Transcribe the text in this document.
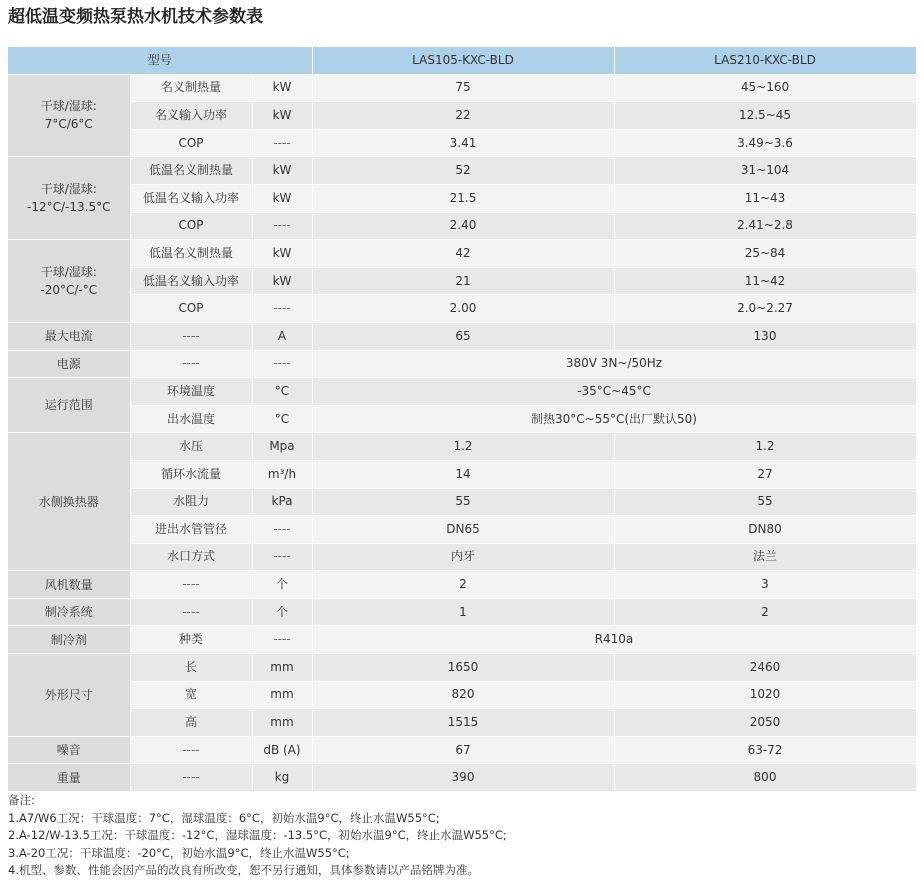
超低温变频热泵热水机技术参数表
型号			LAS105-KXC-BLD	LAS210-KXC-BLD
干球/湿球:
7°C/6°C	名义制热量	kW	75	45~160
	名义输入功率	kW	22	12.5~45
	COP	----	3.41	3.49~3.6
干球/湿球:
-12°C/-13.5°C	低温名义制热量	kW	52	31~104
	低温名义输入功率	kW	21.5	11~43
	COP	----	2.40	2.41~2.8
干球/湿球:
-20°C/-°C	低温名义制热量	kW	42	25~84
	低温名义输入功率	kW	21	11~42
	COP	----	2.00	2.0~2.27
最大电流	----	A	65	130
电源	----	----	380V 3N~/50Hz	
运行范围	环境温度	°C	-35°C~45°C	
	出水温度	°C	制热30°C~55°C(出厂默认50)	
水侧换热器	水压	Mpa	1.2	1.2
	循环水流量	m³/h	14	27
	水阻力	kPa	55	55
	进出水管管径	----	DN65	DN80
	水口方式	----	内牙	法兰
风机数量	----	个	2	3
制冷系统	----	个	1	2
制冷剂	种类	----	R410a	
外形尺寸	长	mm	1650	2460
	宽	mm	820	1020
	高	mm	1515	2050
噪音	----	dB (A)	67	63-72
重量	----	kg	390	800
备注:
1.A7/W6工况：干球温度：7°C，湿球温度：6°C，初始水温9°C，终止水温W55°C;
2.A-12/W-13.5工况：干球温度：-12°C，湿球温度：-13.5°C，初始水温9°C，终止水温W55°C;
3.A-20工况：干球温度：-20°C，初始水温9°C，终止水温W55°C;
4.机型、参数、性能会因产品的改良有所改变，恕不另行通知，具体参数请以产品铭牌为准。
